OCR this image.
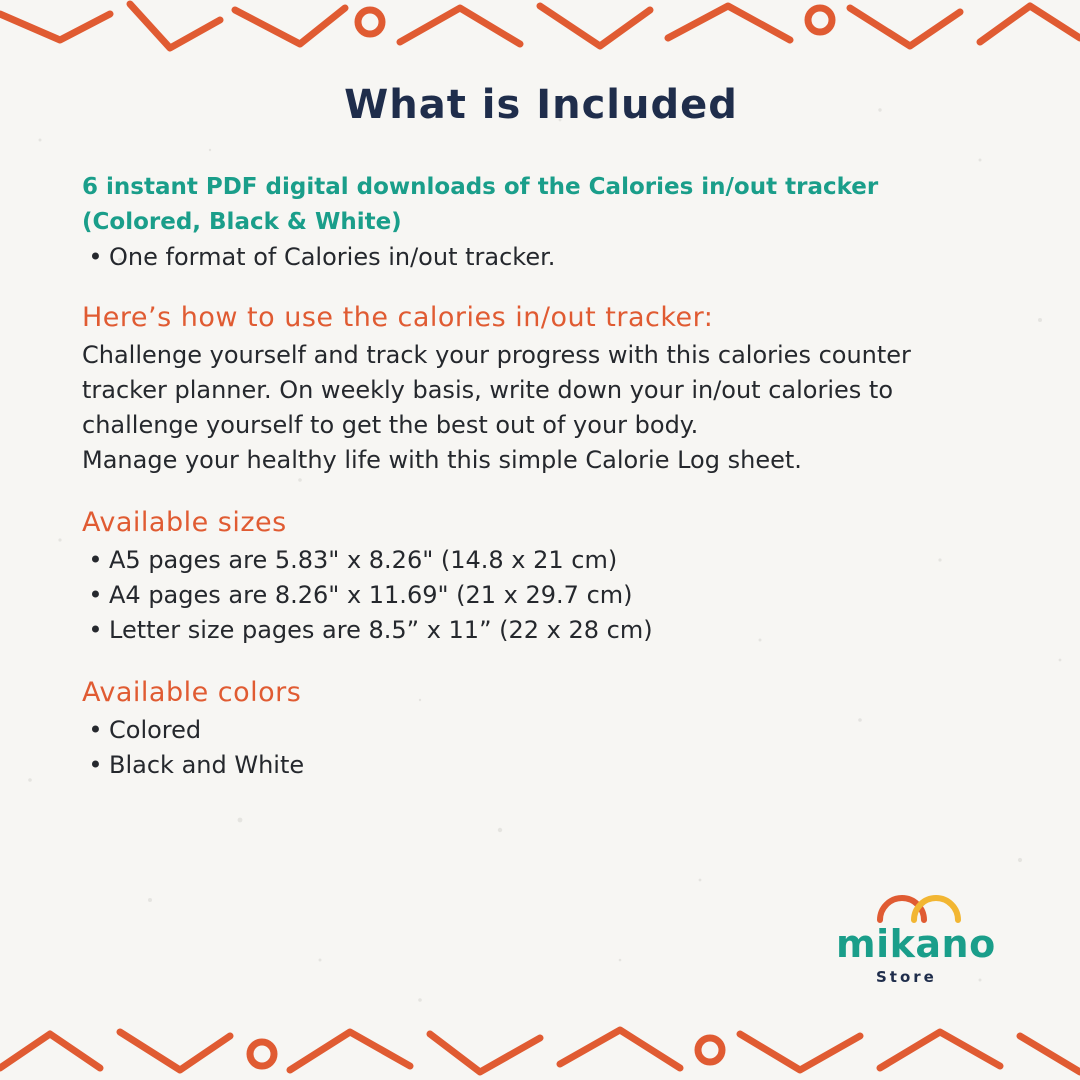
What is Included
6 instant PDF digital downloads of the Calories in/out tracker
(Colored, Black & White)
• One format of Calories in/out tracker.
Here’s how to use the calories in/out tracker:
Challenge yourself and track your progress with this calories counter
tracker planner. On weekly basis, write down your in/out calories to
challenge yourself to get the best out of your body.
Manage your healthy life with this simple Calorie Log sheet.
Available sizes
• A5 pages are 5.83" x 8.26" (14.8 x 21 cm)
• A4 pages are 8.26" x 11.69" (21 x 29.7 cm)
• Letter size pages are 8.5” x 11” (22 x 28 cm)
Available colors
• Colored
• Black and White
mikano
Store
